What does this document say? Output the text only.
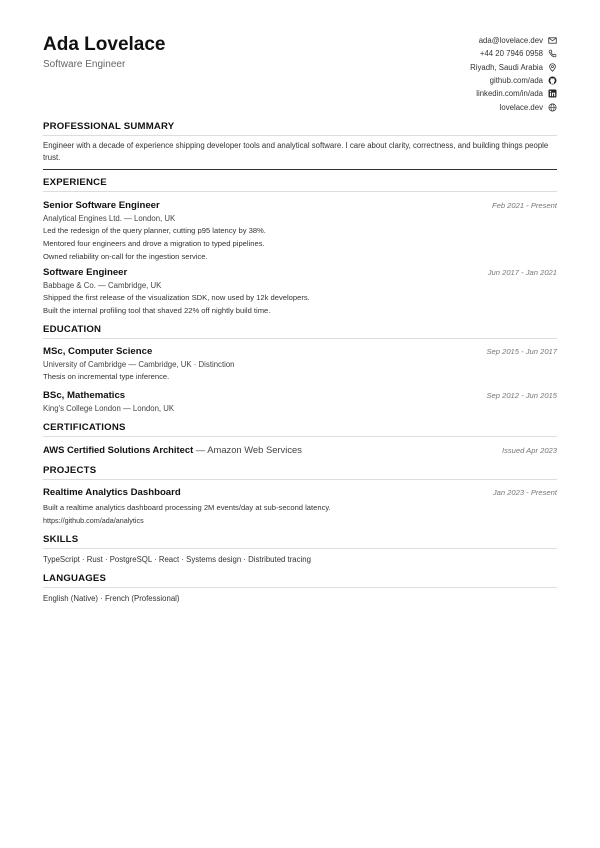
Ada Lovelace
Software Engineer
ada@lovelace.dev
+44 20 7946 0958
Riyadh, Saudi Arabia
github.com/ada
linkedin.com/in/ada
lovelace.dev
PROFESSIONAL SUMMARY
Engineer with a decade of experience shipping developer tools and analytical software. I care about clarity, correctness, and building things people trust.
EXPERIENCE
Senior Software Engineer	Feb 2021 - Present
Analytical Engines Ltd. — London, UK
Led the redesign of the query planner, cutting p95 latency by 38%.
Mentored four engineers and drove a migration to typed pipelines.
Owned reliability on-call for the ingestion service.
Software Engineer	Jun 2017 - Jan 2021
Babbage & Co. — Cambridge, UK
Shipped the first release of the visualization SDK, now used by 12k developers.
Built the internal profiling tool that shaved 22% off nightly build time.
EDUCATION
MSc, Computer Science	Sep 2015 - Jun 2017
University of Cambridge — Cambridge, UK · Distinction
Thesis on incremental type inference.
BSc, Mathematics	Sep 2012 - Jun 2015
King's College London — London, UK
CERTIFICATIONS
AWS Certified Solutions Architect — Amazon Web Services	Issued Apr 2023
PROJECTS
Realtime Analytics Dashboard	Jan 2023 - Present
Built a realtime analytics dashboard processing 2M events/day at sub-second latency.
https://github.com/ada/analytics
SKILLS
TypeScript · Rust · PostgreSQL · React · Systems design · Distributed tracing
LANGUAGES
English (Native) · French (Professional)
